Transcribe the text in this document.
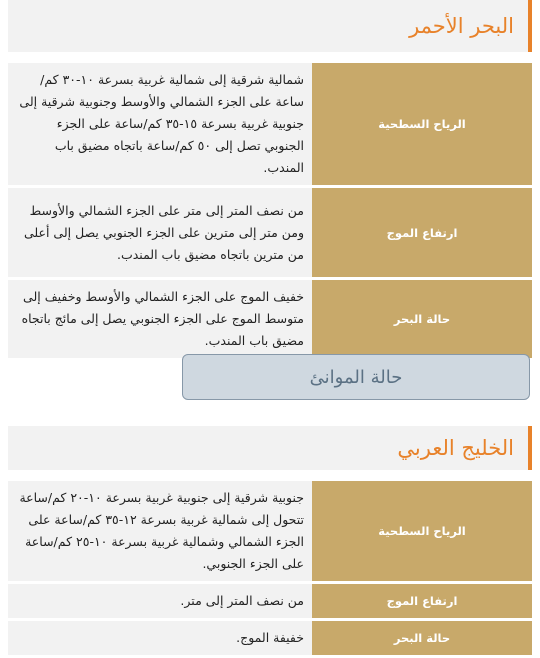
البحر الأحمر
الرياح السطحية	شمالية شرقية إلى شمالية غربية بسرعة ١٠-٣٠ كم/ساعة على الجزء الشمالي والأوسط وجنوبية شرقية إلى جنوبية غربية بسرعة ١٥-٣٥ كم/ساعة على الجزء الجنوبي تصل إلى ٥٠ كم/ساعة باتجاه مضيق باب المندب.
ارتفاع الموج	من نصف المتر إلى متر على الجزء الشمالي والأوسط ومن متر إلى مترين على الجزء الجنوبي يصل إلى أعلى من مترين باتجاه مضيق باب المندب.
حالة البحر	خفيف الموج على الجزء الشمالي والأوسط وخفيف إلى متوسط الموج على الجزء الجنوبي يصل إلى مائج باتجاه مضيق باب المندب.
حالة الموانئ
الخليج العربي
الرياح السطحية	جنوبية شرقية إلى جنوبية غربية بسرعة ١٠-٢٠ كم/ساعة تتحول إلى شمالية غربية بسرعة ١٢-٣٥ كم/ساعة على الجزء الشمالي وشمالية غربية بسرعة ١٠-٢٥ كم/ساعة على الجزء الجنوبي.
ارتفاع الموج	من نصف المتر إلى متر.
حالة البحر	خفيفة الموج.
